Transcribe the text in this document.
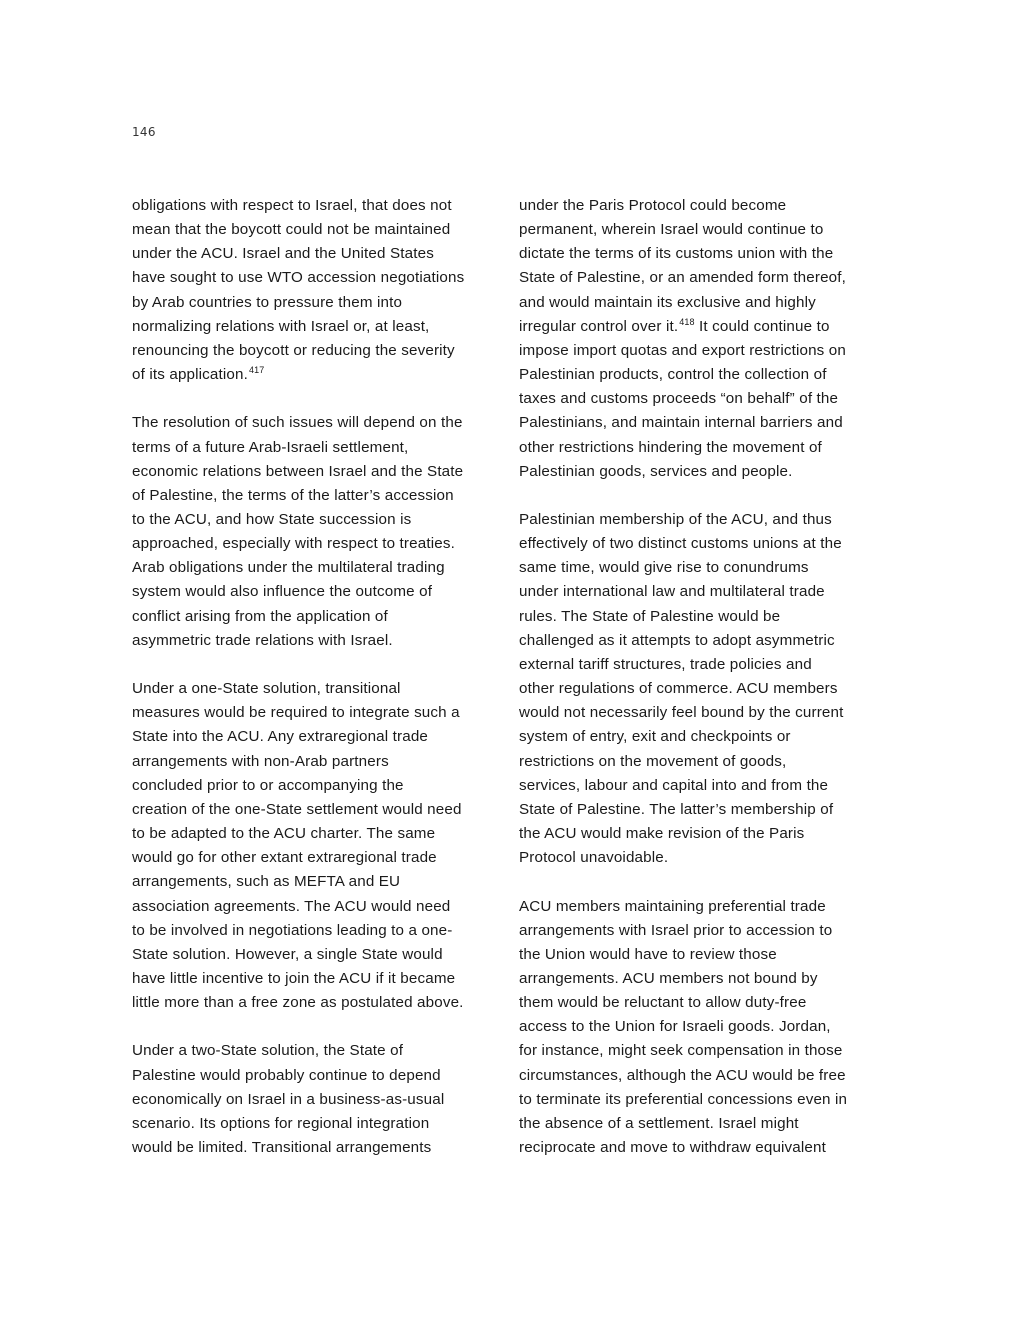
146

obligations with respect to Israel, that does not
mean that the boycott could not be maintained
under the ACU. Israel and the United States
have sought to use WTO accession negotiations
by Arab countries to pressure them into
normalizing relations with Israel or, at least,
renouncing the boycott or reducing the severity
of its application.$^{417}$

The resolution of such issues will depend on the
terms of a future Arab-Israeli settlement,
economic relations between Israel and the State
of Palestine, the terms of the latter’s accession
to the ACU, and how State succession is
approached, especially with respect to treaties.
Arab obligations under the multilateral trading
system would also influence the outcome of
conflict arising from the application of
asymmetric trade relations with Israel.

Under a one-State solution, transitional
measures would be required to integrate such a
State into the ACU. Any extraregional trade
arrangements with non-Arab partners
concluded prior to or accompanying the
creation of the one-State settlement would need
to be adapted to the ACU charter. The same
would go for other extant extraregional trade
arrangements, such as MEFTA and EU
association agreements. The ACU would need
to be involved in negotiations leading to a one-
State solution. However, a single State would
have little incentive to join the ACU if it became
little more than a free zone as postulated above.

Under a two-State solution, the State of
Palestine would probably continue to depend
economically on Israel in a business-as-usual
scenario. Its options for regional integration
would be limited. Transitional arrangements

under the Paris Protocol could become
permanent, wherein Israel would continue to
dictate the terms of its customs union with the
State of Palestine, or an amended form thereof,
and would maintain its exclusive and highly
irregular control over it.$^{418}$ It could continue to
impose import quotas and export restrictions on
Palestinian products, control the collection of
taxes and customs proceeds “on behalf” of the
Palestinians, and maintain internal barriers and
other restrictions hindering the movement of
Palestinian goods, services and people.

Palestinian membership of the ACU, and thus
effectively of two distinct customs unions at the
same time, would give rise to conundrums
under international law and multilateral trade
rules. The State of Palestine would be
challenged as it attempts to adopt asymmetric
external tariff structures, trade policies and
other regulations of commerce. ACU members
would not necessarily feel bound by the current
system of entry, exit and checkpoints or
restrictions on the movement of goods,
services, labour and capital into and from the
State of Palestine. The latter’s membership of
the ACU would make revision of the Paris
Protocol unavoidable.

ACU members maintaining preferential trade
arrangements with Israel prior to accession to
the Union would have to review those
arrangements. ACU members not bound by
them would be reluctant to allow duty-free
access to the Union for Israeli goods. Jordan,
for instance, might seek compensation in those
circumstances, although the ACU would be free
to terminate its preferential concessions even in
the absence of a settlement. Israel might
reciprocate and move to withdraw equivalent
